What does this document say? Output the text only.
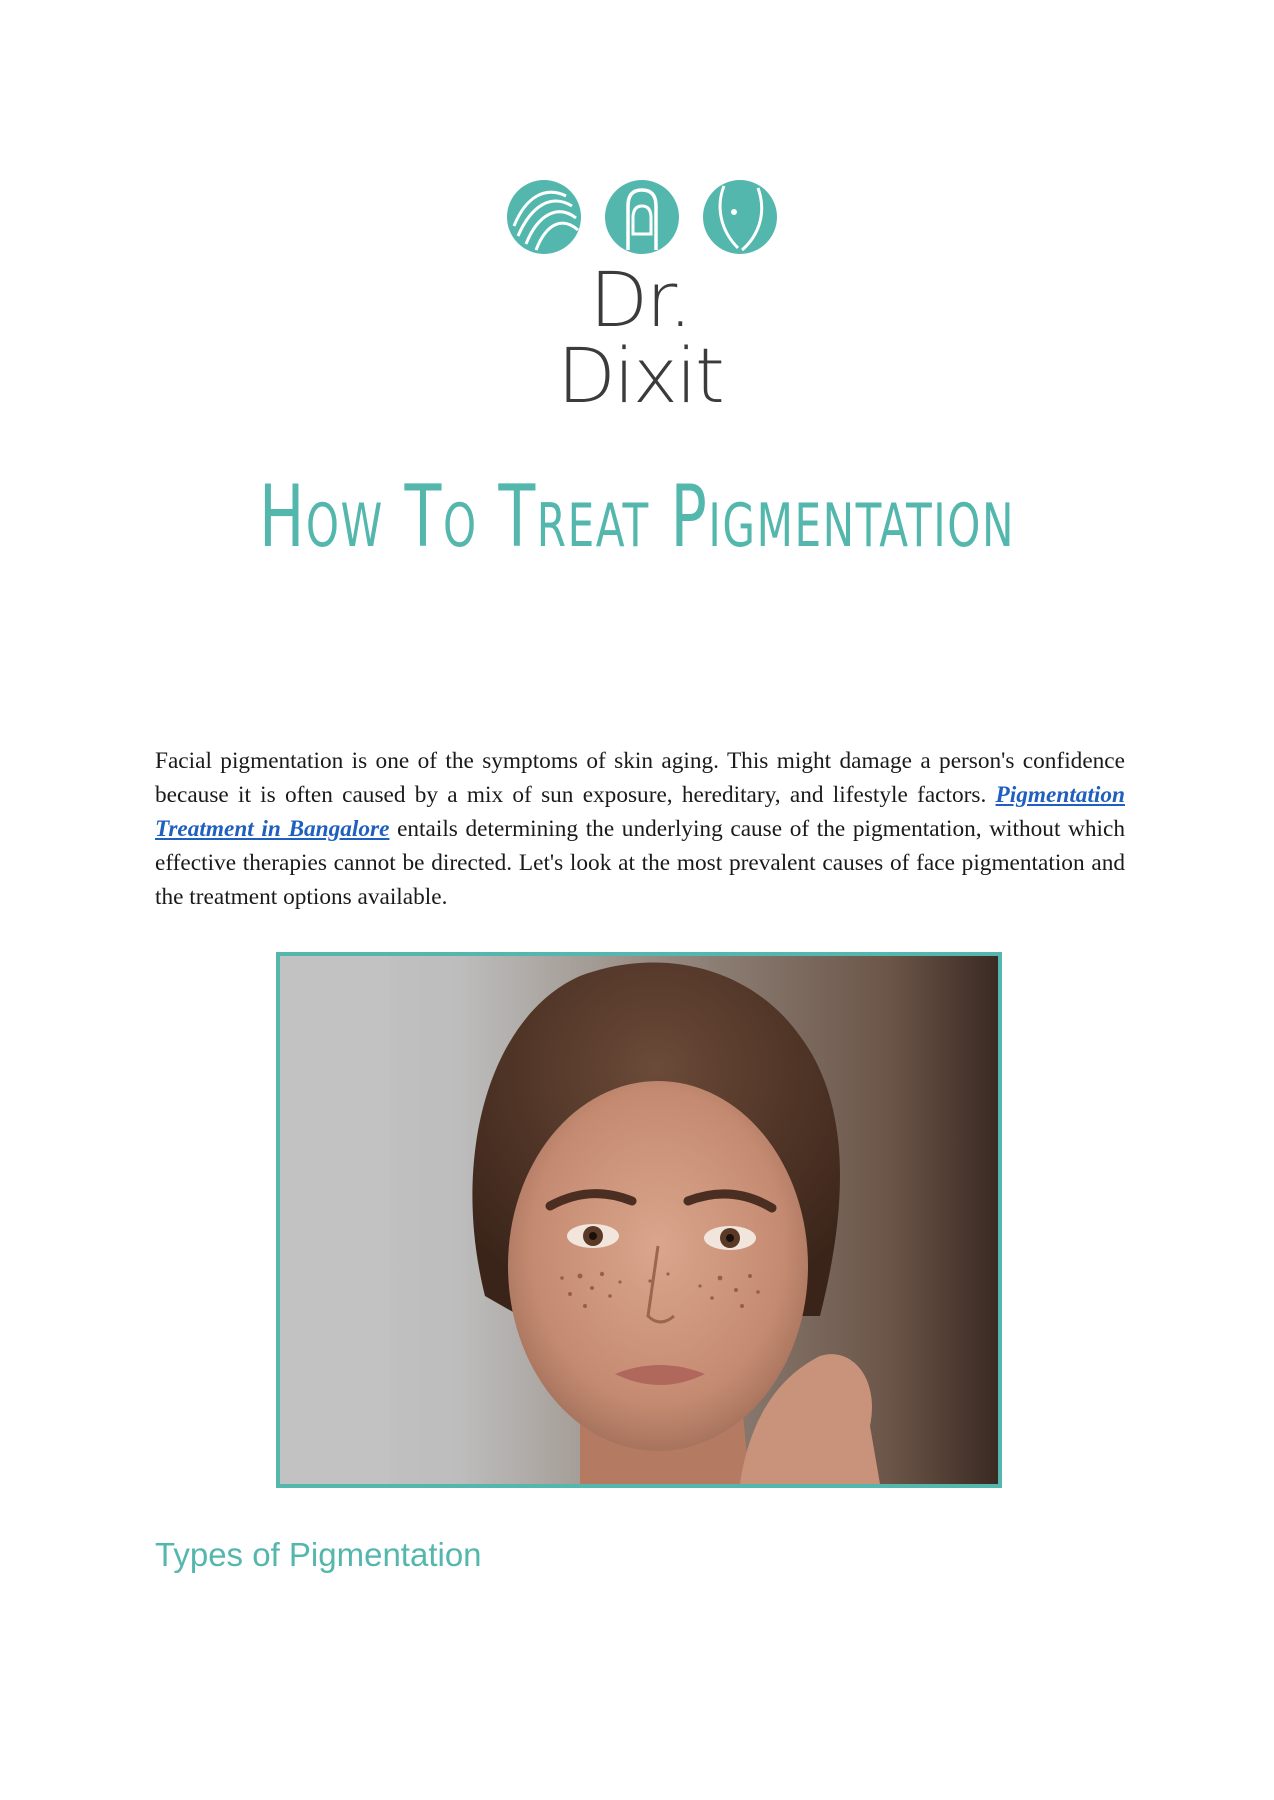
Dr. Dixit
How To Treat Pigmentation

Facial pigmentation is one of the symptoms of skin aging. This might damage a person's confidence because it is often caused by a mix of sun exposure, hereditary, and lifestyle factors. Pigmentation Treatment in Bangalore entails determining the underlying cause of the pigmentation, without which effective therapies cannot be directed. Let's look at the most prevalent causes of face pigmentation and the treatment options available.

Types of Pigmentation
